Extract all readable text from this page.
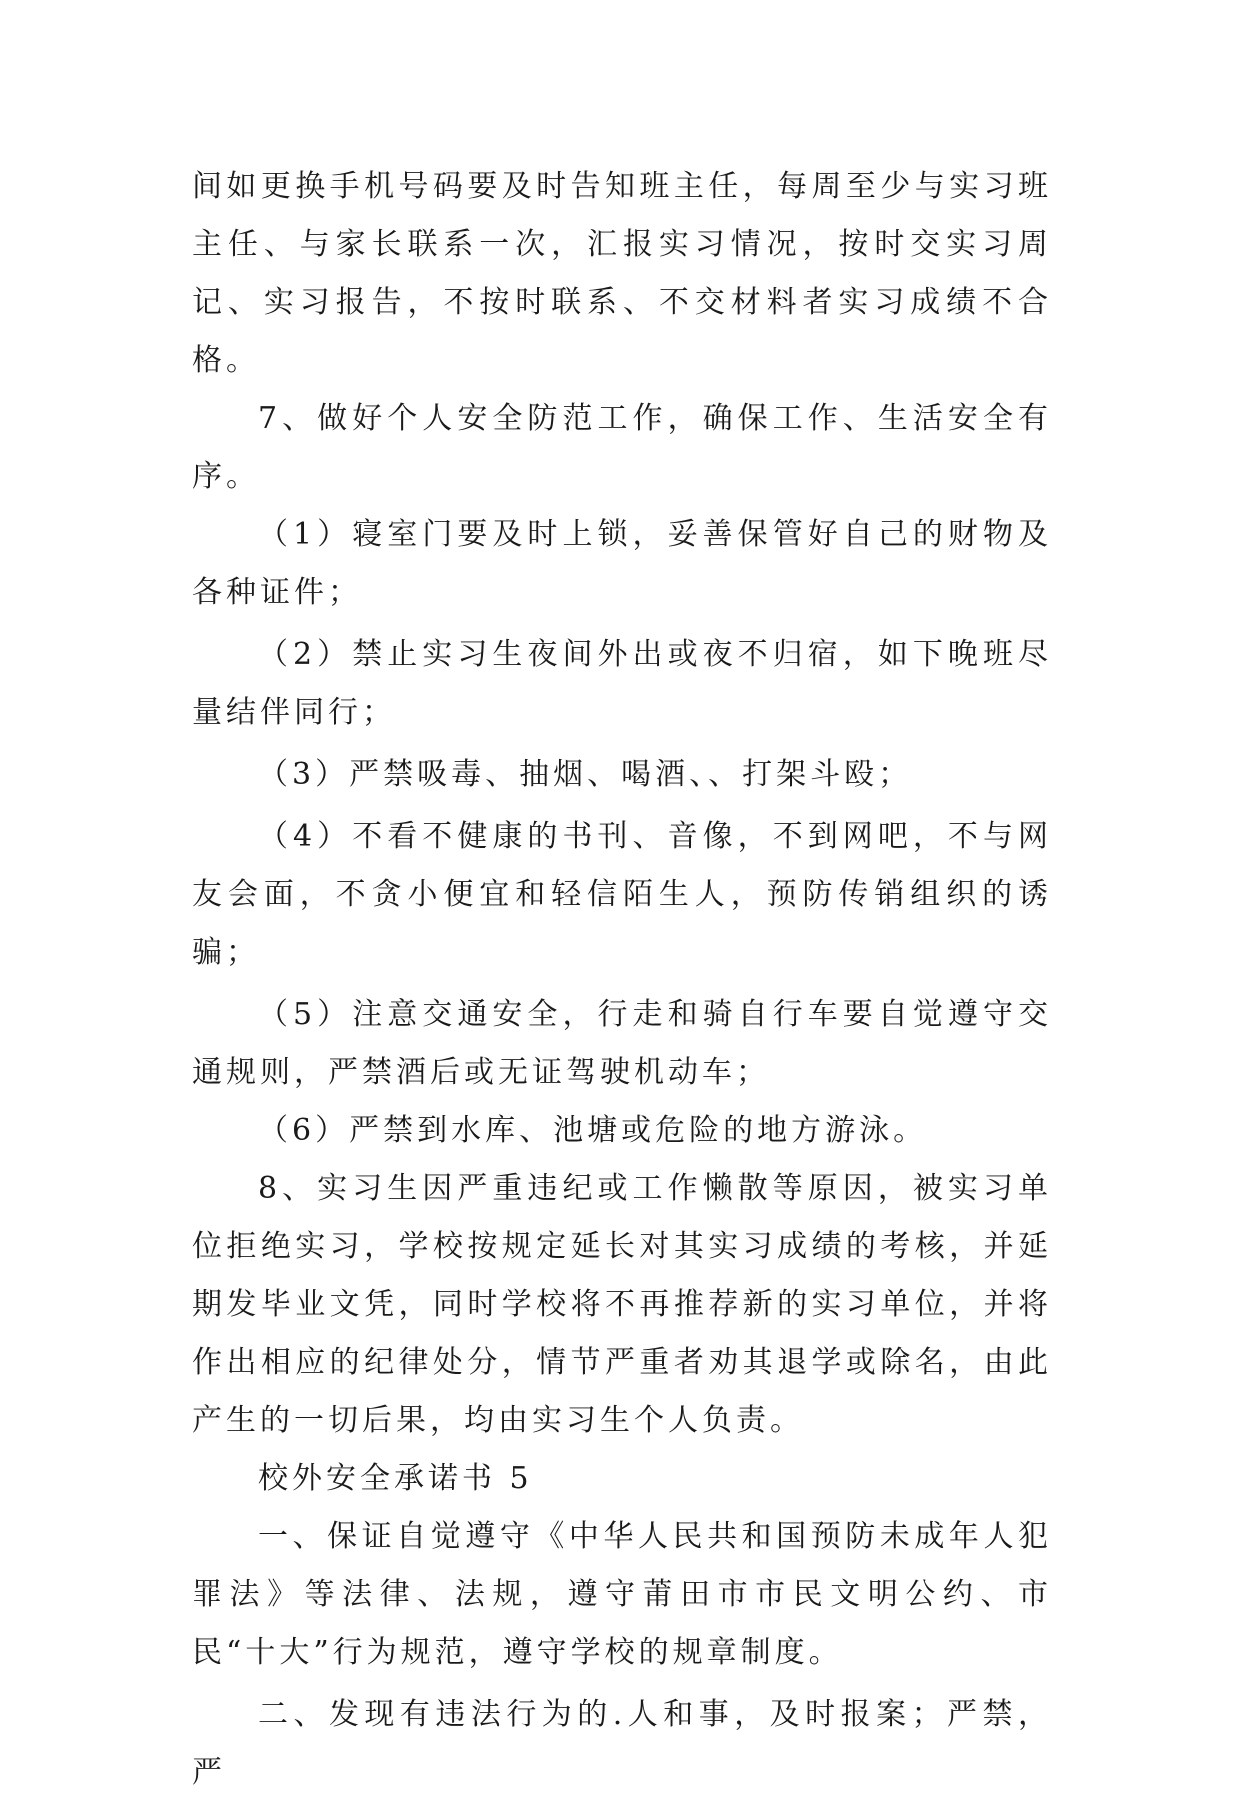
间如更换手机号码要及时告知班主任，每周至少与实习班主任、与家长联系一次，汇报实习情况，按时交实习周记、实习报告，不按时联系、不交材料者实习成绩不合格。

7、做好个人安全防范工作，确保工作、生活安全有序。

（1）寝室门要及时上锁，妥善保管好自己的财物及各种证件；

（2）禁止实习生夜间外出或夜不归宿，如下晚班尽量结伴同行；

（3）严禁吸毒、抽烟、喝酒、、打架斗殴；

（4）不看不健康的书刊、音像，不到网吧，不与网友会面，不贪小便宜和轻信陌生人，预防传销组织的诱骗；

（5）注意交通安全，行走和骑自行车要自觉遵守交通规则，严禁酒后或无证驾驶机动车；

（6）严禁到水库、池塘或危险的地方游泳。

8、实习生因严重违纪或工作懒散等原因，被实习单位拒绝实习，学校按规定延长对其实习成绩的考核，并延期发毕业文凭，同时学校将不再推荐新的实习单位，并将作出相应的纪律处分，情节严重者劝其退学或除名，由此产生的一切后果，均由实习生个人负责。

校外安全承诺书 5

一、保证自觉遵守《中华人民共和国预防未成年人犯罪法》等法律、法规，遵守莆田市市民文明公约、市民“十大”行为规范，遵守学校的规章制度。

二、发现有违法行为的.人和事，及时报案；严禁，严
